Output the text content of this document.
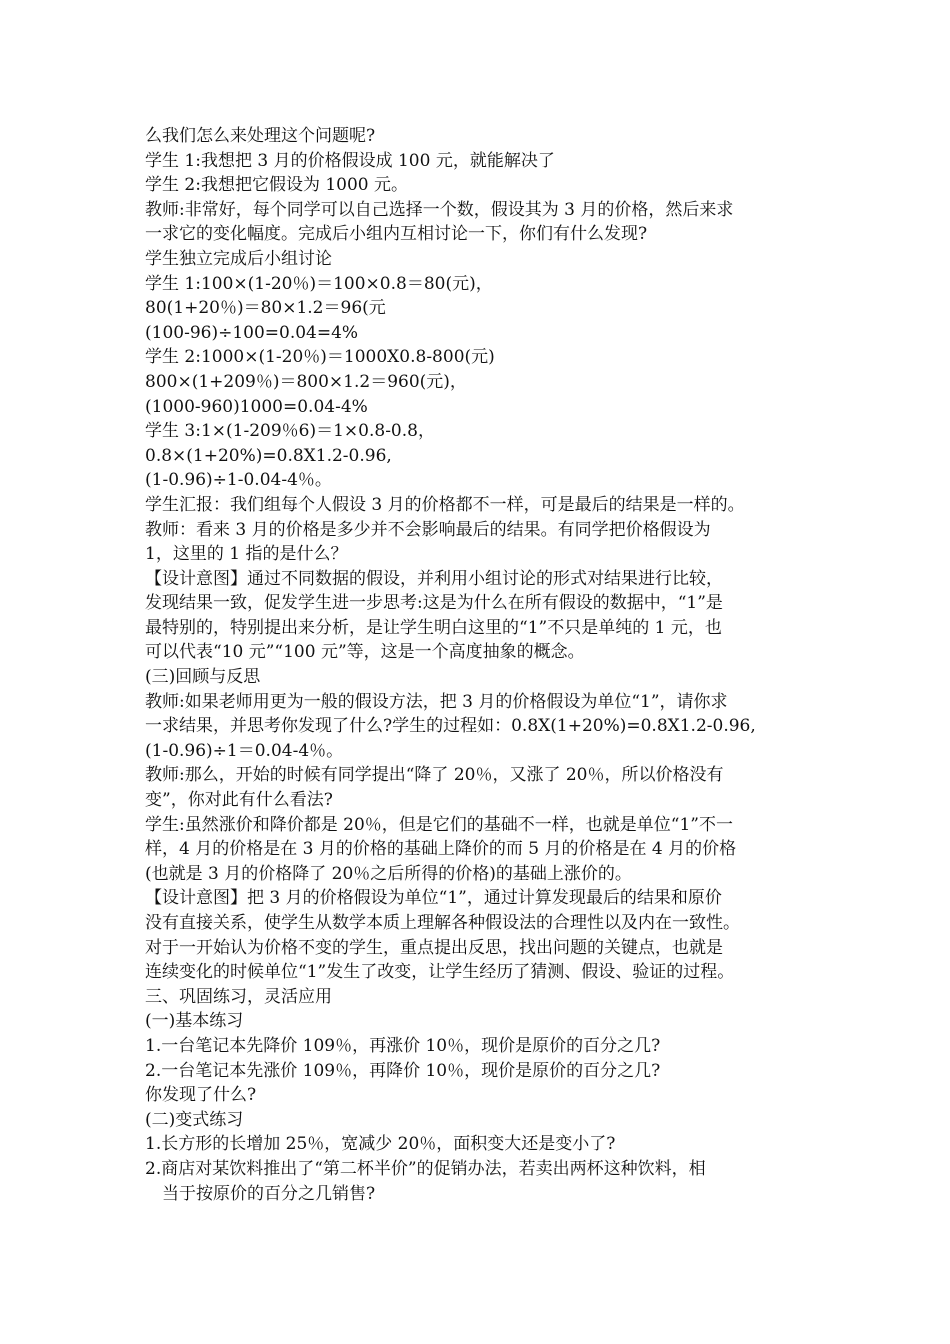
么我们怎么来处理这个问题呢?
学生 1:我想把 3 月的价格假设成 100 元，就能解决了
学生 2:我想把它假设为 1000 元。
教师:非常好，每个同学可以自己选择一个数，假设其为 3 月的价格，然后来求
一求它的变化幅度。完成后小组内互相讨论一下，你们有什么发现?
学生独立完成后小组讨论
学生 1:100×(1-20％)＝100×0.8＝80(元)，
80(1+20％)＝80×1.2＝96(元
(100-96)÷100=0.04=4%
学生 2:1000×(1-20％)＝1000X0.8-800(元)
800×(1+209％)＝800×1.2＝960(元)，
(1000-960)1000=0.04-4%
学生 3:1×(1-209％6)＝1×0.8-0.8，
0.8×(1+20%)=0.8X1.2-0.96,
(1-0.96)÷1-0.04-4％。
学生汇报：我们组每个人假设 3 月的价格都不一样，可是最后的结果是一样的。
教师：看来 3 月的价格是多少并不会影响最后的结果。有同学把价格假设为
1，这里的 1 指的是什么？
【设计意图】通过不同数据的假设，并利用小组讨论的形式对结果进行比较，
发现结果一致，促发学生进一步思考:这是为什么在所有假设的数据中，“1”是
最特别的，特别提出来分析，是让学生明白这里的“1”不只是单纯的 1 元，也
可以代表“10 元”“100 元”等，这是一个高度抽象的概念。
(三)回顾与反思
教师:如果老师用更为一般的假设方法，把 3 月的价格假设为单位“1”，请你求
一求结果，并思考你发现了什么?学生的过程如：0.8X(1+20%)=0.8X1.2-0.96,
(1-0.96)÷1＝0.04-4％。
教师:那么，开始的时候有同学提出“降了 20％，又涨了 20％，所以价格没有
变”，你对此有什么看法?
学生:虽然涨价和降价都是 20％，但是它们的基础不一样，也就是单位“1”不一
样，4 月的价格是在 3 月的价格的基础上降价的而 5 月的价格是在 4 月的价格
(也就是 3 月的价格降了 20％之后所得的价格)的基础上涨价的。
【设计意图】把 3 月的价格假设为单位“1”，通过计算发现最后的结果和原价
没有直接关系，使学生从数学本质上理解各种假设法的合理性以及内在一致性。
对于一开始认为价格不变的学生，重点提出反思，找出问题的关键点，也就是
连续变化的时候单位“1”发生了改变，让学生经历了猜测、假设、验证的过程。
三、巩固练习，灵活应用
(一)基本练习
1.一台笔记本先降价 109％，再涨价 10％，现价是原价的百分之几?
2.一台笔记本先涨价 109％，再降价 10％，现价是原价的百分之几?
你发现了什么?
(二)变式练习
1.长方形的长增加 25％，宽减少 20％，面积变大还是变小了?
2.商店对某饮料推出了“第二杯半价”的促销办法，若卖出两杯这种饮料，相
当于按原价的百分之几销售?
